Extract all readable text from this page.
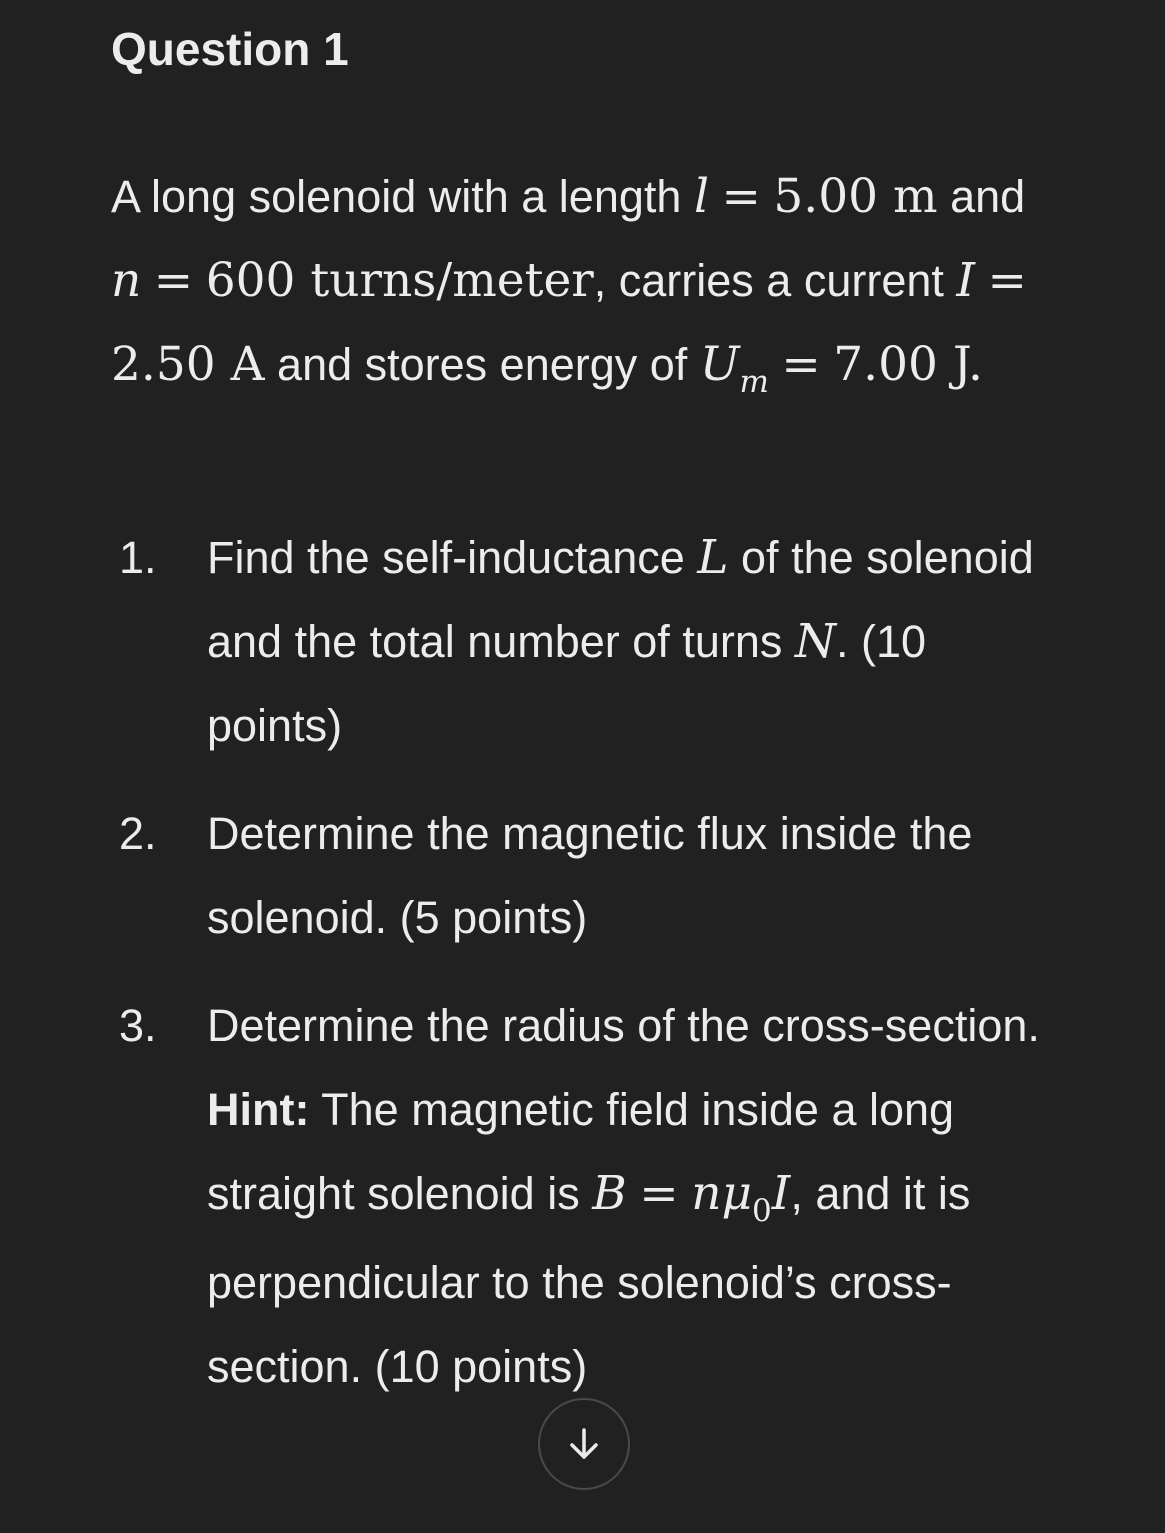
Question 1

A long solenoid with a length l = 5.00 m and n = 600 turns/meter, carries a current I = 2.50 A and stores energy of $U_m = 7.00$ J.

1. Find the self-inductance L of the solenoid and the total number of turns N. (10 points)
2. Determine the magnetic flux inside the solenoid. (5 points)
3. Determine the radius of the cross-section. Hint: The magnetic field inside a long straight solenoid is $B = n\mu_0I$, and it is perpendicular to the solenoid’s cross-section. (10 points)
